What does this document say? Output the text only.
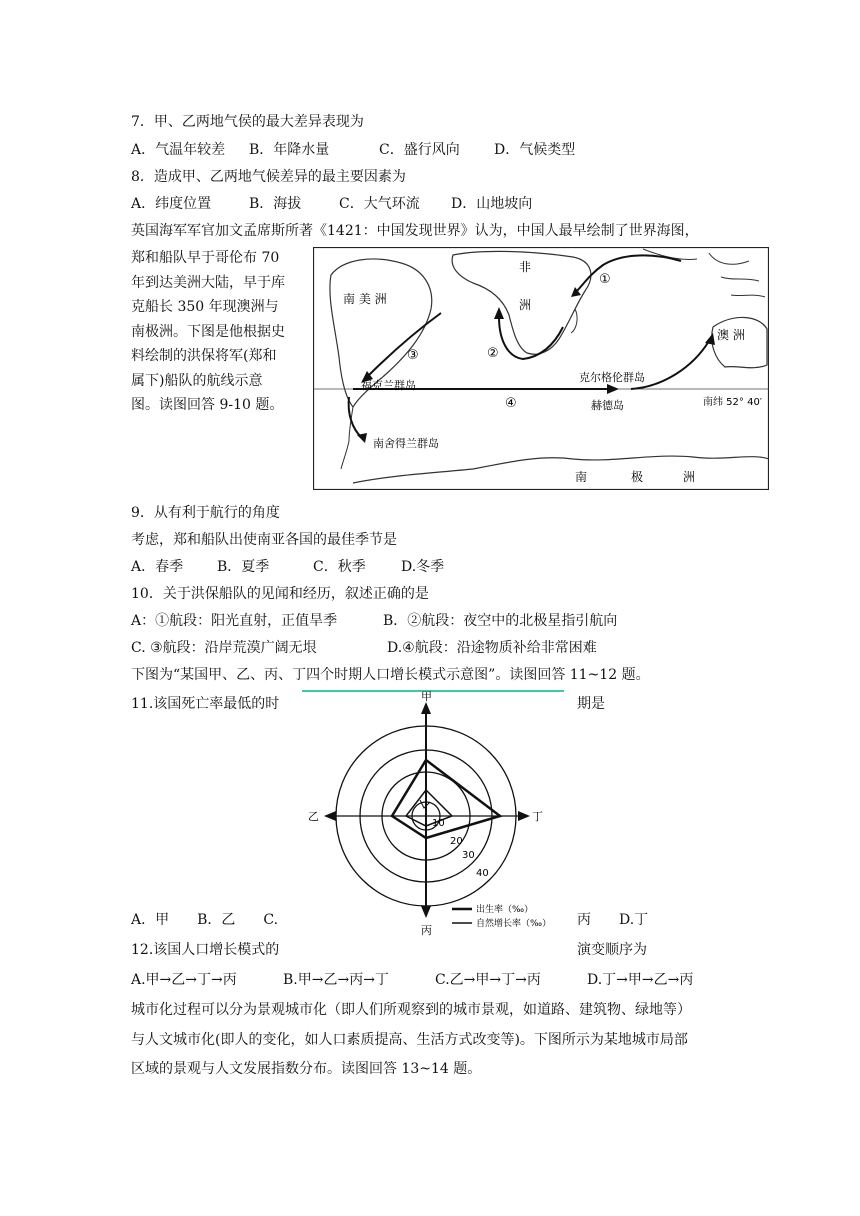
7．甲、乙两地气侯的最大差异表现为
A．气温年较差 B．年降水量	C．盛行风向 D．气候类型
8．造成甲、乙两地气候差异的最主要因素为
A．纬度位置	B．海拔	C．大气环流 D．山地坡向
英国海军军官加文孟席斯所著《1421：中国发现世界》认为，中国人最早绘制了世界海图，
郑和船队早于哥伦布 70
年到达美洲大陆，早于库
克船长 350 年现澳洲与
南极洲。下图是他根据史
料绘制的洪保将军(郑和
属下)船队的航线示意
图。读图回答 9-10 题。
南 美 洲
非
洲
澳 洲
南	极	洲
福克兰群岛
克尔格伦群岛
赫德岛
南舍得兰群岛
南纬 52° 40′
①
②
③
④
9．从有利于航行的角度
考虑，郑和船队出使南亚各国的最佳季节是
A．春季 B．夏季	C．秋季	D.冬季
10．关于洪保船队的见闻和经历，叙述正确的是
A：①航段：阳光直射，正值旱季	B．②航段：夜空中的北极星指引航向
C. ③航段：沿岸荒漠广阔无垠	D.④航段：沿途物质补给非常困难
下图为“某国甲、乙、丙、丁四个时期人口增长模式示意图”。读图回答 11~12 题。
11.该国死亡率最低的时	期是
A．甲　　B．乙　　C.	丙　　D.丁
甲
乙	丁
丙
10
20
30
40
出生率（‰）
自然增长率（‰）
12.该国人口增长模式的	演变顺序为
A.甲→乙→丁→丙	B.甲→乙→丙→丁	C.乙→甲→丁→丙	D.丁→甲→乙→丙
城市化过程可以分为景观城市化（即人们所观察到的城市景观，如道路、建筑物、绿地等）
与人文城市化(即人的变化，如人口素质提高、生活方式改变等)。下图所示为某地城市局部
区域的景观与人文发展指数分布。读图回答 13~14 题。
